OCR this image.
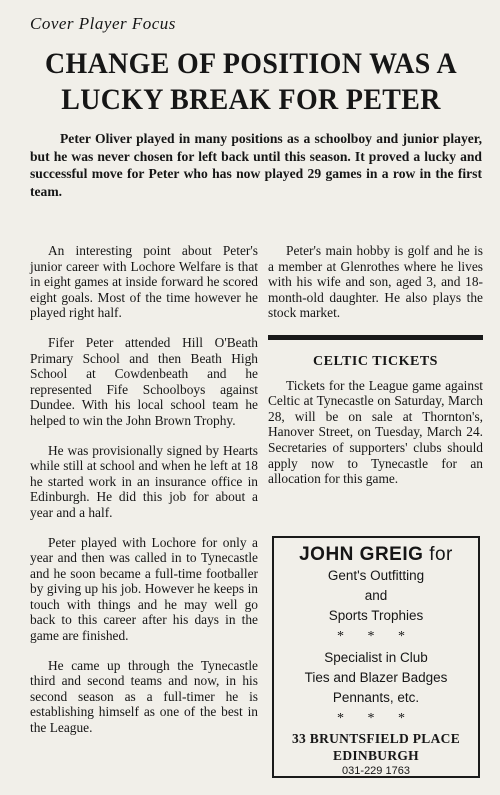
Cover Player Focus
CHANGE OF POSITION WAS A
LUCKY BREAK FOR PETER
Peter Oliver played in many positions as a schoolboy and junior player, but he was never chosen for left back until this season. It proved a lucky and successful move for Peter who has now played 29 games in a row in the first team.

An interesting point about Peter's junior career with Lochore Welfare is that in eight games at inside forward he scored eight goals. Most of the time however he played right half.

Fifer Peter attended Hill O'Beath Primary School and then Beath High School at Cowdenbeath and he represented Fife Schoolboys against Dundee. With his local school team he helped to win the John Brown Trophy.

He was provisionally signed by Hearts while still at school and when he left at 18 he started work in an insurance office in Edinburgh. He did this job for about a year and a half.

Peter played with Lochore for only a year and then was called in to Tynecastle and he soon became a full-time footballer by giving up his job. However he keeps in touch with things and he may well go back to this career after his days in the game are finished.

He came up through the Tynecastle third and second teams and now, in his second season as a full-timer he is establishing himself as one of the best in the League.

Peter's main hobby is golf and he is a member at Glenrothes where he lives with his wife and son, aged 3, and 18-month-old daughter. He also plays the stock market.

CELTIC TICKETS

Tickets for the League game against Celtic at Tynecastle on Saturday, March 28, will be on sale at Thornton's, Hanover Street, on Tuesday, March 24. Secretaries of supporters' clubs should apply now to Tynecastle for an allocation for this game.

JOHN GREIG for
Gent's Outfitting
and
Sports Trophies
* * *
Specialist in Club
Ties and Blazer Badges
Pennants, etc.
* * *
33 BRUNTSFIELD PLACE
EDINBURGH
031-229 1763
